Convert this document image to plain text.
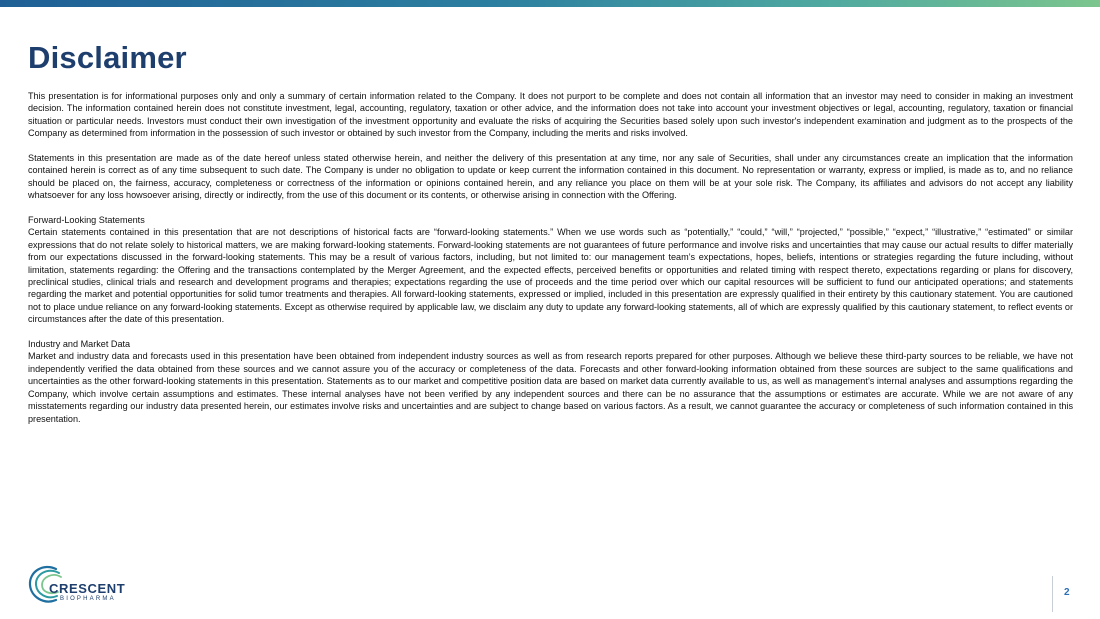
Disclaimer

This presentation is for informational purposes only and only a summary of certain information related to the Company. It does not purport to be complete and does not contain all information that an investor may need to consider in making an investment decision. The information contained herein does not constitute investment, legal, accounting, regulatory, taxation or other advice, and the information does not take into account your investment objectives or legal, accounting, regulatory, taxation or financial situation or particular needs. Investors must conduct their own investigation of the investment opportunity and evaluate the risks of acquiring the Securities based solely upon such investor's independent examination and judgment as to the prospects of the Company as determined from information in the possession of such investor or obtained by such investor from the Company, including the merits and risks involved.

Statements in this presentation are made as of the date hereof unless stated otherwise herein, and neither the delivery of this presentation at any time, nor any sale of Securities, shall under any circumstances create an implication that the information contained herein is correct as of any time subsequent to such date. The Company is under no obligation to update or keep current the information contained in this document. No representation or warranty, express or implied, is made as to, and no reliance should be placed on, the fairness, accuracy, completeness or correctness of the information or opinions contained herein, and any reliance you place on them will be at your sole risk. The Company, its affiliates and advisors do not accept any liability whatsoever for any loss howsoever arising, directly or indirectly, from the use of this document or its contents, or otherwise arising in connection with the Offering.

Forward-Looking Statements

Certain statements contained in this presentation that are not descriptions of historical facts are “forward-looking statements.” When we use words such as “potentially,” “could,” “will,” “projected,” “possible,” “expect,” “illustrative,” “estimated” or similar expressions that do not relate solely to historical matters, we are making forward-looking statements. Forward-looking statements are not guarantees of future performance and involve risks and uncertainties that may cause our actual results to differ materially from our expectations discussed in the forward-looking statements. This may be a result of various factors, including, but not limited to: our management team’s expectations, hopes, beliefs, intentions or strategies regarding the future including, without limitation, statements regarding: the Offering and the transactions contemplated by the Merger Agreement, and the expected effects, perceived benefits or opportunities and related timing with respect thereto, expectations regarding or plans for discovery, preclinical studies, clinical trials and research and development programs and therapies; expectations regarding the use of proceeds and the time period over which our capital resources will be sufficient to fund our anticipated operations; and statements regarding the market and potential opportunities for solid tumor treatments and therapies. All forward-looking statements, expressed or implied, included in this presentation are expressly qualified in their entirety by this cautionary statement. You are cautioned not to place undue reliance on any forward-looking statements. Except as otherwise required by applicable law, we disclaim any duty to update any forward-looking statements, all of which are expressly qualified by this cautionary statement, to reflect events or circumstances after the date of this presentation.

Industry and Market Data

Market and industry data and forecasts used in this presentation have been obtained from independent industry sources as well as from research reports prepared for other purposes. Although we believe these third-party sources to be reliable, we have not independently verified the data obtained from these sources and we cannot assure you of the accuracy or completeness of the data. Forecasts and other forward-looking information obtained from these sources are subject to the same qualifications and uncertainties as the other forward-looking statements in this presentation. Statements as to our market and competitive position data are based on market data currently available to us, as well as management’s internal analyses and assumptions regarding the Company, which involve certain assumptions and estimates. These internal analyses have not been verified by any independent sources and there can be no assurance that the assumptions or estimates are accurate. While we are not aware of any misstatements regarding our industry data presented herein, our estimates involve risks and uncertainties and are subject to change based on various factors. As a result, we cannot guarantee the accuracy or completeness of such information contained in this presentation.

CRESCENT
BIOPHARMA
2
